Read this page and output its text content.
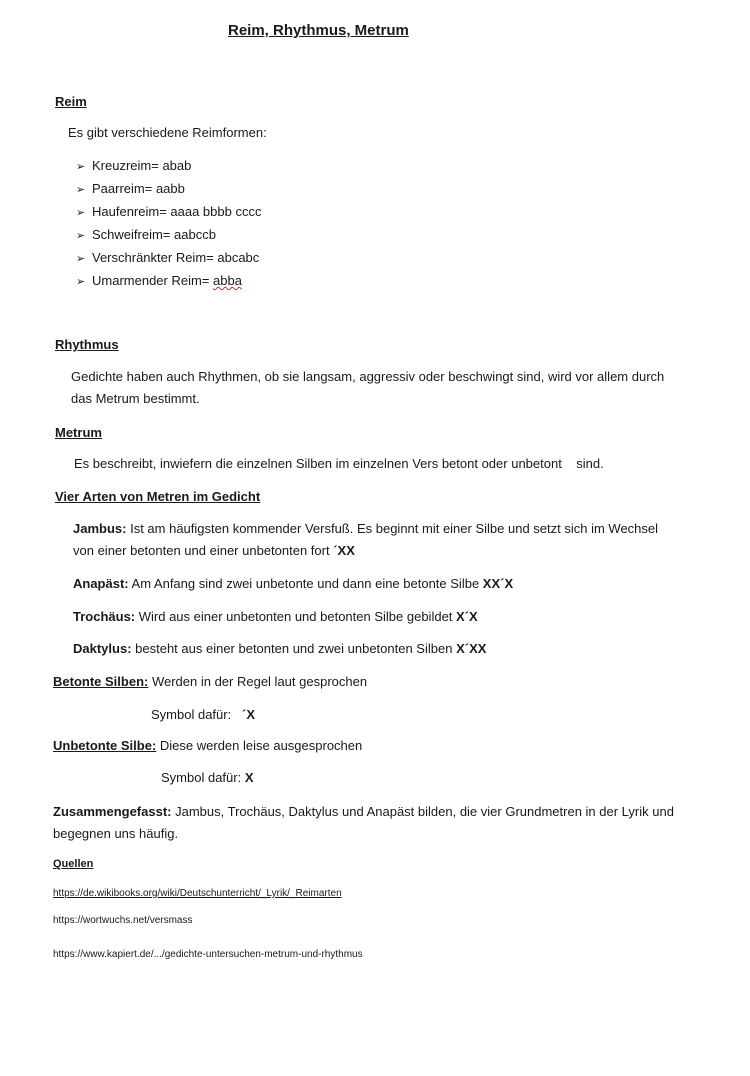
Reim, Rhythmus, Metrum
Reim
Es gibt verschiedene Reimformen:
➢ Kreuzreim= abab
➢ Paarreim= aabb
➢ Haufenreim= aaaa bbbb cccc
➢ Schweifreim= aabccb
➢ Verschränkter Reim= abcabc
➢ Umarmender Reim= abba
Rhythmus
Gedichte haben auch Rhythmen, ob sie langsam, aggressiv oder beschwingt sind, wird vor allem durch
das Metrum bestimmt.
Metrum
Es beschreibt, inwiefern die einzelnen Silben im einzelnen Vers betont oder unbetont    sind.
Vier Arten von Metren im Gedicht
Jambus: Ist am häufigsten kommender Versfuß. Es beginnt mit einer Silbe und setzt sich im Wechsel
von einer betonten und einer unbetonten fort ´XX
Anapäst: Am Anfang sind zwei unbetonte und dann eine betonte Silbe XX´X
Trochäus: Wird aus einer unbetonten und betonten Silbe gebildet X´X
Daktylus: besteht aus einer betonten und zwei unbetonten Silben X´XX
Betonte Silben: Werden in der Regel laut gesprochen
Symbol dafür:   ´X
Unbetonte Silbe: Diese werden leise ausgesprochen
Symbol dafür: X
Zusammengefasst: Jambus, Trochäus, Daktylus und Anapäst bilden, die vier Grundmetren in der Lyrik und
begegnen uns häufig.
Quellen
https://de.wikibooks.org/wiki/Deutschunterricht/_Lyrik/_Reimarten
https://wortwuchs.net/versmass
https://www.kapiert.de/.../gedichte-untersuchen-metrum-und-rhythmus
